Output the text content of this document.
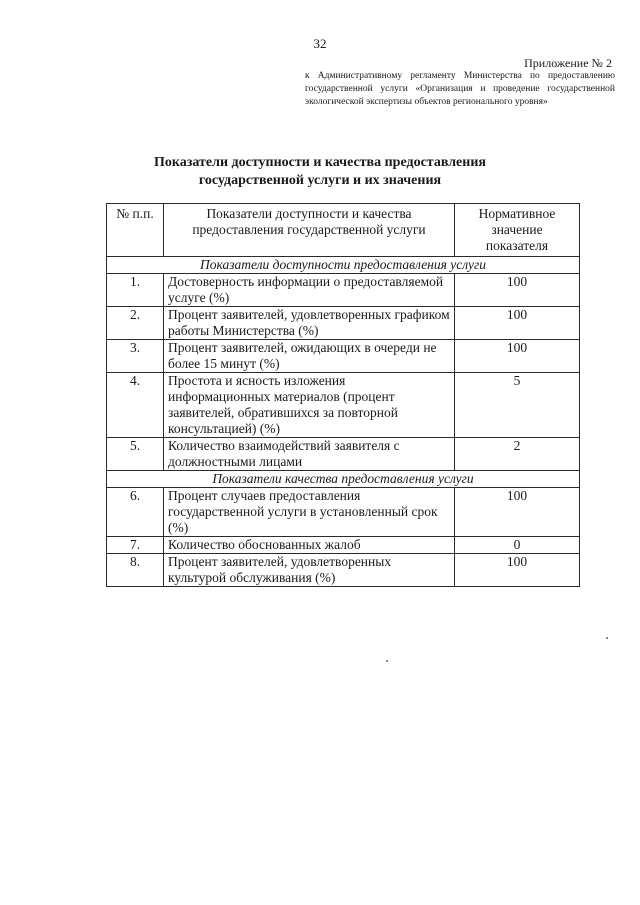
32
Приложение № 2
к Административному регламенту Министерства по предоставлению государственной услуги «Организация и проведение государственной экологической экспертизы объектов регионального уровня»
Показатели доступности и качества предоставления
государственной услуги и их значения
№ п.п.	Показатели доступности и качества предоставления государственной услуги	Нормативное значение показателя
Показатели доступности предоставления услуги		
1.	Достоверность информации о предоставляемой услуге (%)	100
2.	Процент заявителей, удовлетворенных графиком работы Министерства (%)	100
3.	Процент заявителей, ожидающих в очереди не более 15 минут (%)	100
4.	Простота и ясность изложения информационных материалов (процент заявителей, обратившихся за повторной консультацией) (%)	5
5.	Количество взаимодействий заявителя с должностными лицами	2
Показатели качества предоставления услуги		
6.	Процент случаев предоставления государственной услуги в установленный срок (%)	100
7.	Количество обоснованных жалоб	0
8.	Процент заявителей, удовлетворенных культурой обслуживания (%)	100
